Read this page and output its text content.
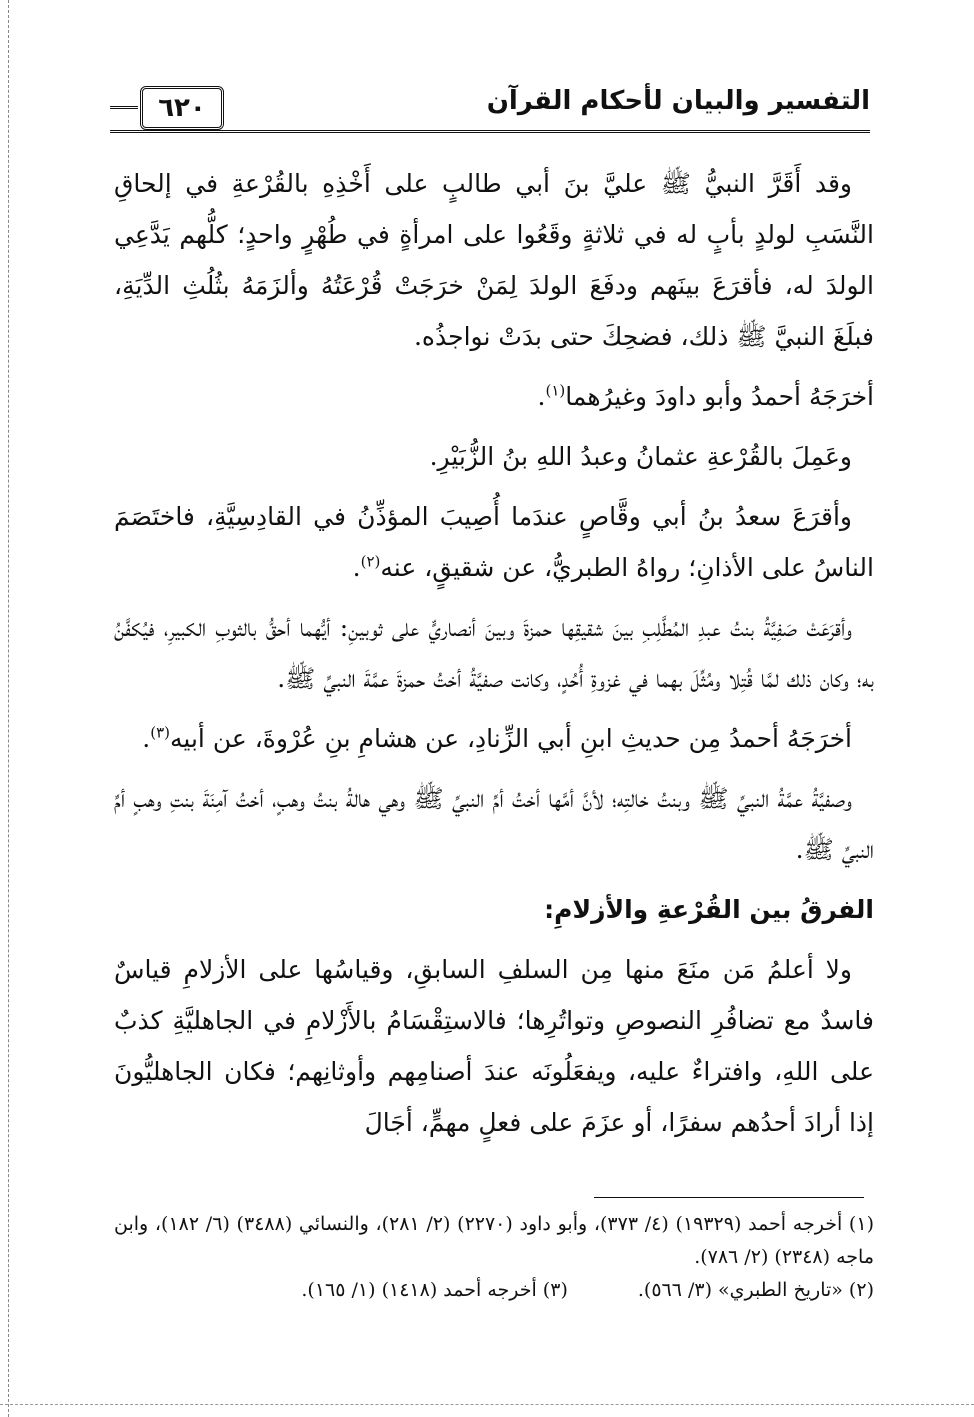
٦٢٠	التفسير والبيان لأحكام القرآن

وقد أَقَرَّ النبيُّ ﷺ عليَّ بنَ أبي طالبٍ على أَخْذِهِ بالقُرْعةِ في إلحاقِ النَّسَبِ لولدٍ بأبٍ له في ثلاثةٍ وقَعُوا على امرأةٍ في طُهْرٍ واحدٍ؛ كلُّهم يَدَّعِي الولدَ له، فأقرَعَ بينَهم ودفَعَ الولدَ لِمَنْ خرَجَتْ قُرْعَتُهُ وألزَمَهُ بثُلُثِ الدِّيَةِ، فبلَغَ النبيَّ ﷺ ذلك، فضحِكَ حتى بدَتْ نواجذُه.

أخرَجَهُ أحمدُ وأبو داودَ وغيرُهما$^{(١)}$.

وعَمِلَ بالقُرْعةِ عثمانُ وعبدُ اللهِ بنُ الزُّبَيْرِ.

وأقرَعَ سعدُ بنُ أبي وقَّاصٍ عندَما أُصِيبَ المؤذِّنُ في القادِسِيَّةِ، فاختَصَمَ الناسُ على الأذانِ؛ رواهُ الطبريُّ، عن شقيقٍ، عنه$^{(٢)}$.

وأقرَعَتْ صَفِيَّةُ بنتُ عبدِ المُطَّلِبِ بينَ شقيقِها حمزةَ وبينَ أنصاريٍّ على ثوبينِ: أيُّهما أحقُّ بالثوبِ الكبيرِ، فيُكفَّنُ به؛ وكان ذلك لمَّا قُتِلا ومُثِّلَ بهما في غزوةِ أُحُدٍ، وكانت صفيَّةُ أختُ حمزةَ عمَّةَ النبيِّ ﷺ.

أخرَجَهُ أحمدُ مِن حديثِ ابنِ أبي الزِّنادِ، عن هشامِ بنِ عُرْوةَ، عن أبيه$^{(٣)}$.

وصفيَّةُ عمَّةُ النبيِّ ﷺ وبنتُ خالتِه؛ لأنَّ أمَّها أختُ أمِّ النبيِّ ﷺ وهي هالةُ بنتُ وهبٍ، أختُ آمِنَةَ بنتِ وهبٍ أمِّ النبيِّ ﷺ.

الفرقُ بين القُرْعةِ والأزلامِ:

ولا أعلمُ مَن منَعَ منها مِن السلفِ السابقِ، وقياسُها على الأزلامِ قياسٌ فاسدٌ مع تضافُرِ النصوصِ وتواتُرِها؛ فالاستِقْسَامُ بالأَزْلامِ في الجاهليَّةِ كذبٌ على اللهِ، وافتراءٌ عليه، ويفعَلُونَه عندَ أصنامِهم وأوثانِهم؛ فكان الجاهليُّونَ إذا أرادَ أحدُهم سفرًا، أو عزَمَ على فعلٍ مهمٍّ، أجَالَ

(١) أخرجه أحمد (١٩٣٢٩) (٤/ ٣٧٣)، وأبو داود (٢٢٧٠) (٢/ ٢٨١)، والنسائي (٣٤٨٨) (٦/ ١٨٢)، وابن ماجه (٢٣٤٨) (٢/ ٧٨٦).

(٢) «تاريخ الطبري» (٣/ ٥٦٦).(٣) أخرجه أحمد (١٤١٨) (١/ ١٦٥).
